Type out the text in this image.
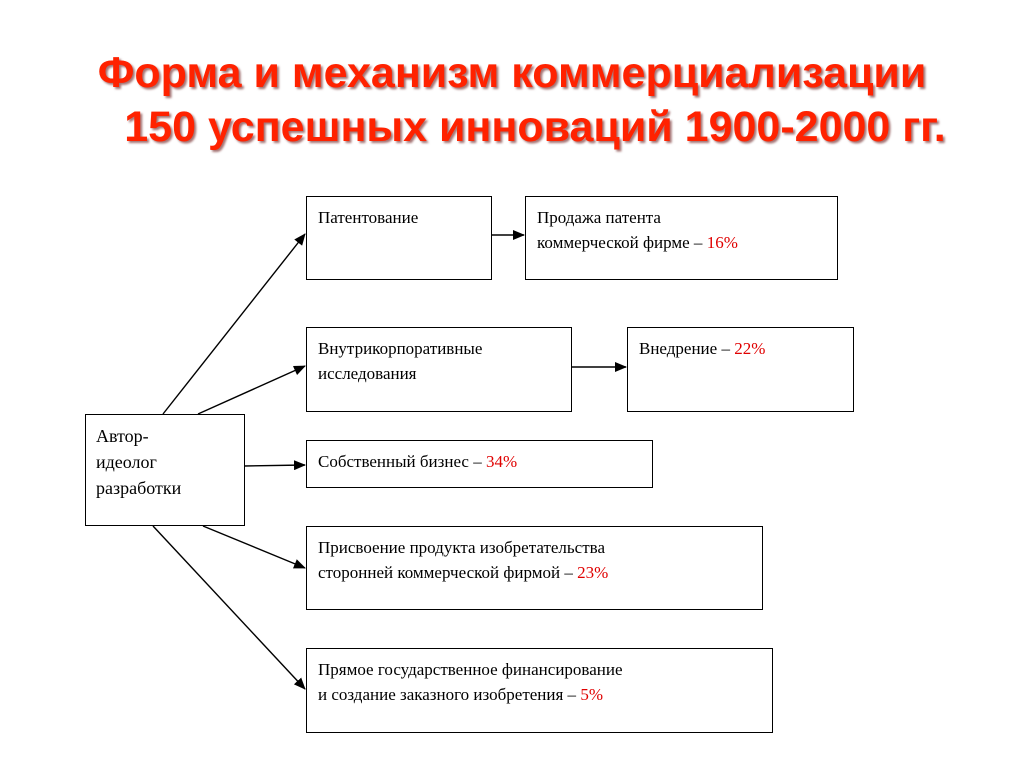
Форма и механизм коммерциализации
150 успешных инноваций 1900-2000 гг.
Автор-
идеолог
разработки
Патентование	Продажа патента
коммерческой фирме – 16%
Внутрикорпоративные
исследования
Внедрение – 22%
Собственный бизнес – 34%
Присвоение продукта изобретательства
сторонней коммерческой фирмой – 23%
Прямое государственное финансирование
и создание заказного изобретения – 5%
